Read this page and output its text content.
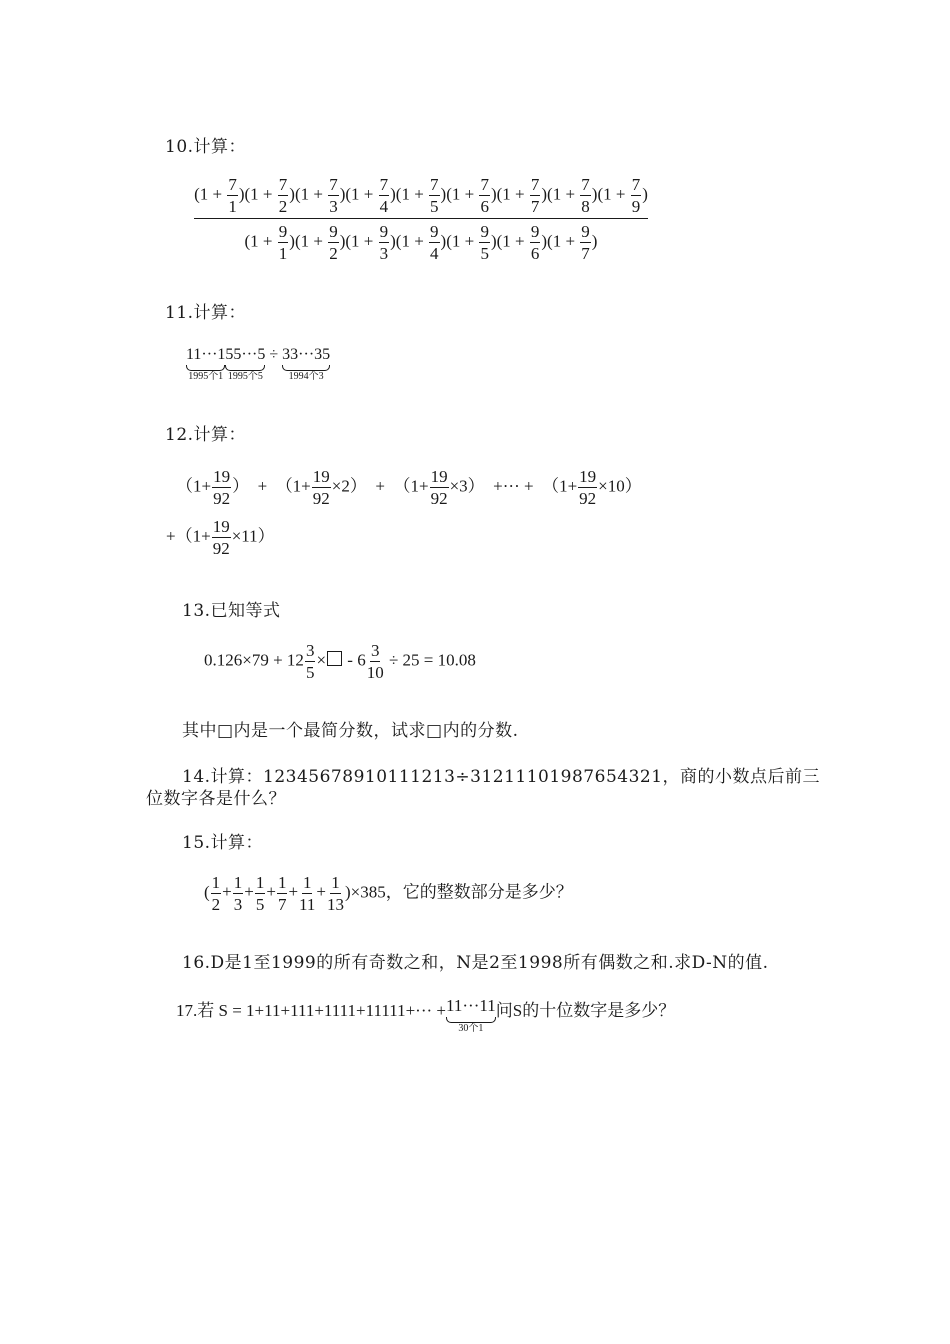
10.计算：
$(1 + \frac{7}{1} )(1 + \frac{7}{2} )(1 + \frac{7}{3} )(1 + \frac{7}{4} )(1 + \frac{7}{5} )(1 + \frac{7}{6} )(1 + \frac{7}{7} )(1 + \frac{7}{8} )(1 + \frac{7}{9}$ )
$(1 + \frac{9}{1} )(1 + \frac{9}{2} )(1 + \frac{9}{3} )(1 + \frac{9}{4} )(1 + \frac{9}{5} )(1 + \frac{9}{6} )(1 + \frac{9}{7}$ )
11.计算：
11···1
1995个1
55···5
1995个5
÷ 33···35
1994个3
12.计算：
（$1+ \frac{19}{92}$ ） + $(1+ \frac{19}{92} \times 2) + (1+ \frac{19}{92} \times 3)$ +··· + $(1+ \frac{19}{92} \times 10)$
$+(1+ \frac{19}{92} \times 11)$
13.已知等式
$0.126\times 79 + 12 \frac{3}{5}$ × - $6 \frac{3}{10} \div 25 = 10.08$
其中□内是一个最简分数，试求□内的分数.
14.计算：12345678910111213÷31211101987654321，商的小数点后前三
位数字各是什么？
15.计算：
( $\frac{1}{2} + \frac{1}{3} + \frac{1}{5} + \frac{1}{7} + \frac{1}{11} + \frac{1}{13} )\times 385$，它的整数部分是多少？
16.D是1至1999的所有奇数之和，N是2至1998所有偶数之和.求D-N的值.
17.若 S = 1+11+111+1111+11111+··· +11···11
30个1
问S的十位数字是多少？
